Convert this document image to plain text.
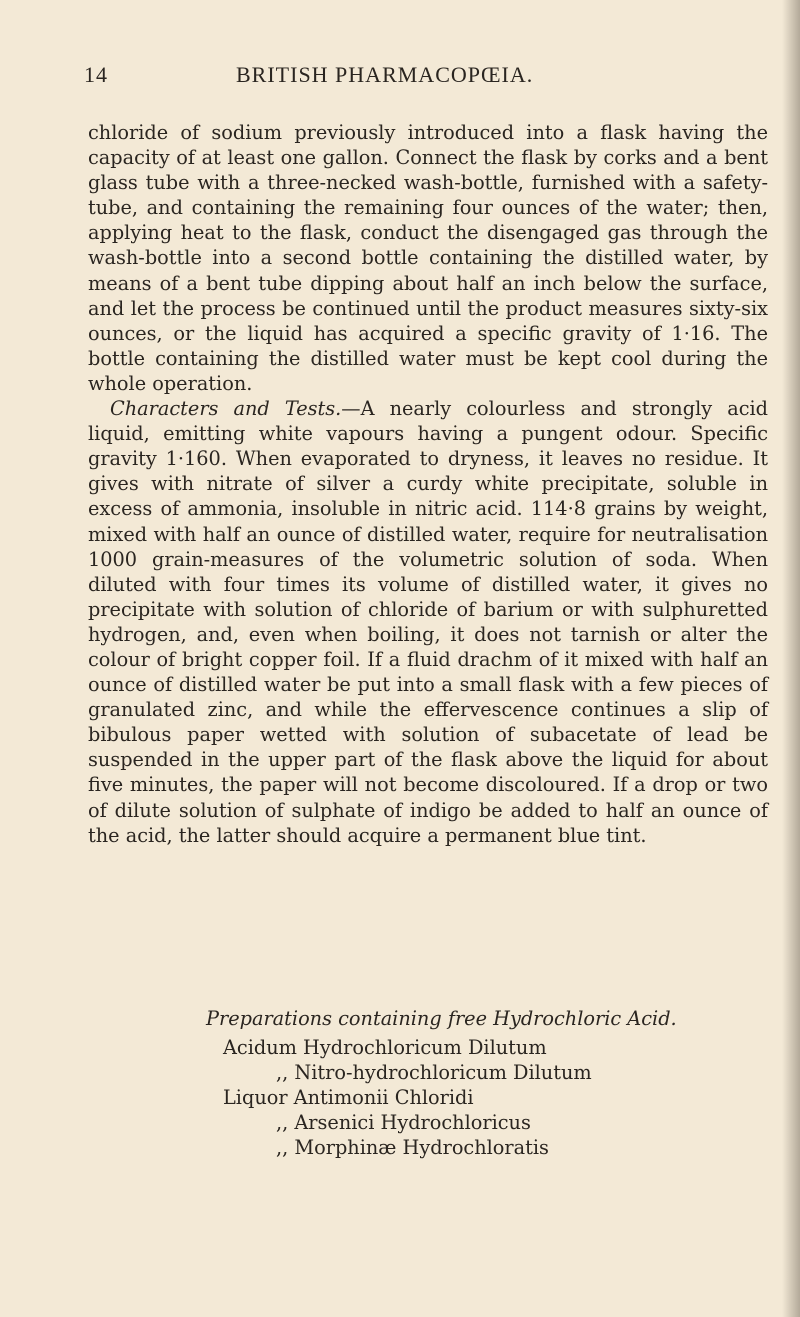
14	BRITISH PHARMACOPŒIA.

chloride of sodium previously introduced into a flask having the capacity of at least one gallon. Connect the flask by corks and a bent glass tube with a three-necked wash-bottle, furnished with a safety-tube, and containing the remaining four ounces of the water; then, applying heat to the flask, conduct the disengaged gas through the wash-bottle into a second bottle containing the distilled water, by means of a bent tube dipping about half an inch below the surface, and let the process be continued until the product measures sixty-six ounces, or the liquid has acquired a specific gravity of 1·16. The bottle containing the distilled water must be kept cool during the whole operation.

Characters and Tests.—A nearly colourless and strongly acid liquid, emitting white vapours having a pungent odour. Specific gravity 1·160. When evaporated to dryness, it leaves no residue. It gives with nitrate of silver a curdy white precipitate, soluble in excess of ammonia, insoluble in nitric acid. 114·8 grains by weight, mixed with half an ounce of distilled water, require for neutralisation 1000 grain-measures of the volumetric solution of soda. When diluted with four times its volume of distilled water, it gives no precipitate with solution of chloride of barium or with sulphuretted hydrogen, and, even when boiling, it does not tarnish or alter the colour of bright copper foil. If a fluid drachm of it mixed with half an ounce of distilled water be put into a small flask with a few pieces of granulated zinc, and while the effervescence continues a slip of bibulous paper wetted with solution of subacetate of lead be suspended in the upper part of the flask above the liquid for about five minutes, the paper will not become discoloured. If a drop or two of dilute solution of sulphate of indigo be added to half an ounce of the acid, the latter should acquire a permanent blue tint.

Preparations containing free Hydrochloric Acid.

Acidum Hydrochloricum Dilutum
,, Nitro-hydrochloricum Dilutum
Liquor Antimonii Chloridi
,, Arsenici Hydrochloricus
,, Morphinæ Hydrochloratis
